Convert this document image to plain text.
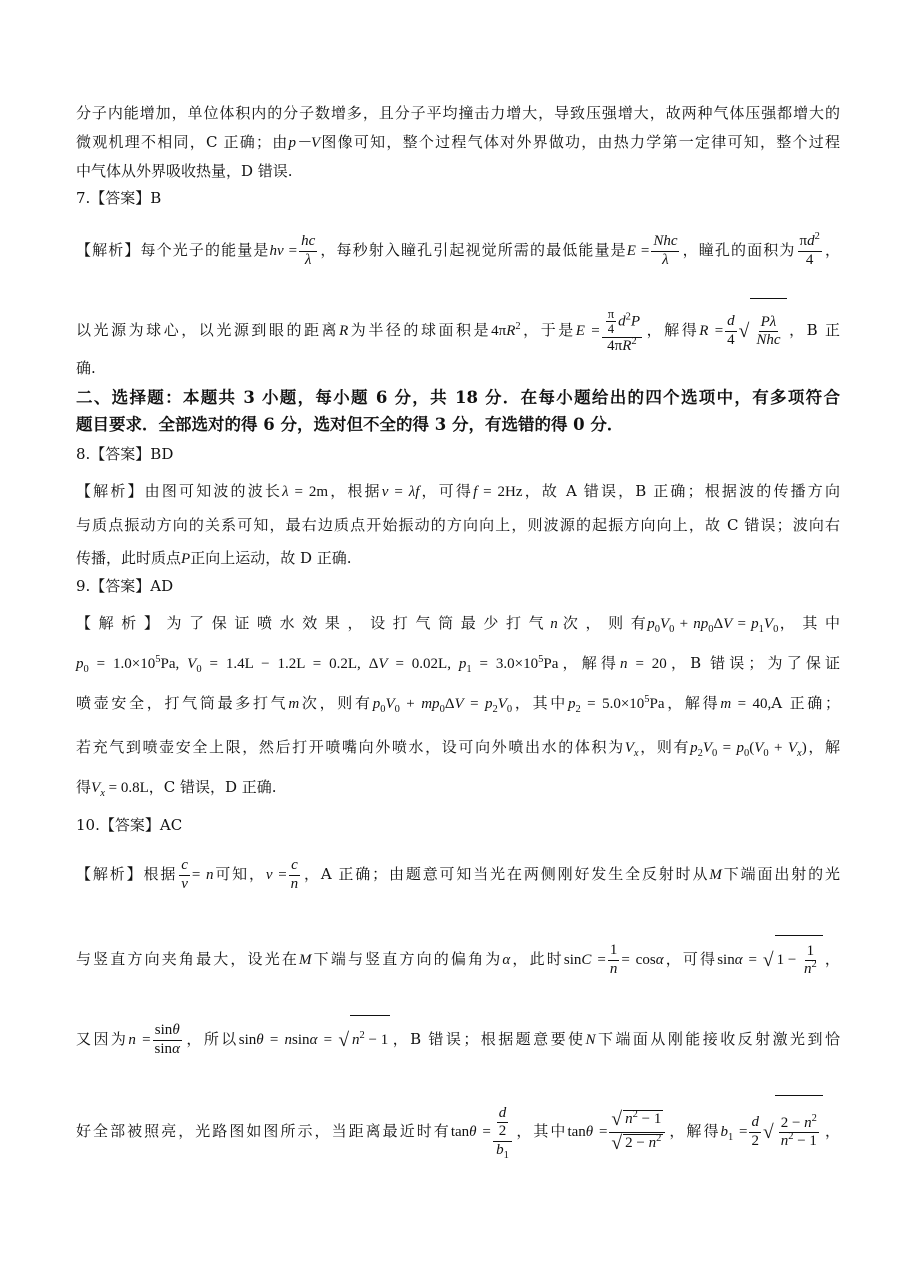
分子内能增加，单位体积内的分子数增多，且分子平均撞击力增大，导致压强增大，故两种气体压强都增大的
微观机理不相同，C 正确；由p－V图像可知，整个过程气体对外界做功，由热力学第一定律可知，整个过程
中气体从外界吸收热量，D 错误.
7.【答案】B
【解析】每个光子的能量是$h\nu = \frac{hc}{\lambda}$ ，每秒射入瞳孔引起视觉所需的最低能量是$E = \frac{\text{Nhc}}{\lambda}$ ，瞳孔的面积为 $\frac{\pi d^2}{4}$ ，
以光源为球心，以光源到眼的距离R为半径的球面积是$4\pi R^2$，于是$E = \frac{\frac{\pi}{4} d^2P}{4\pi R^2}$ ，解得$R = \frac{d}{4}$ √ $\frac{P\lambda}{\text{Nhc}}$ ，B 正
确.
二、选择题：本题共 3 小题，每小题 6 分，共 18 分．在每小题给出的四个选项中，有多项符合
题目要求．全部选对的得 6 分，选对但不全的得 3 分，有选错的得 0 分．
8.【答案】BD
【解析】由图可知波的波长λ = 2m，根据v = λf，可得f = 2Hz，故 A 错误，B 正确；根据波的传播方向
与质点振动方向的关系可知，最右边质点开始振动的方向向上，则波源的起振方向向上，故 C 错误；波向右
传播，此时质点P正向上运动，故 D 正确.
9.【答案】AD
【 解 析 】 为 了 保 证 喷 水 效 果 ， 设 打 气 筒 最 少 打 气 n 次 ， 则 有$p_0V_0 + np_0\Delta V = p_1V_0$， 其 中
$p_0 = 1.0\times 10^5Pa$, $V_0 = 1.4L - 1.2L = 0.2L$, ΔV = 0.02L, $p_1 = 3.0\times 10^5Pa$，解得n = 20，B 错误；为了保证
喷壶安全，打气筒最多打气m次，则有$p_0V_0 + mp_0\Delta V = p_2V_0$，其中$p_2 = 5.0\times 10^5Pa$，解得m = 40,A 正确；
若充气到喷壶安全上限，然后打开喷嘴向外喷水，设可向外喷出水的体积为$V_x$，则有$p_2V_0 = p_0(V_0 + V_x)$，解
得$V_x = 0.8L$，C 错误，D 正确.
10.【答案】AC
【解析】根据 $\frac{c}{v} = n$可知，$v = \frac{c}{n}$ ，A 正确；由题意可知当光在两侧刚好发生全反射时从M下端面出射的光
与竖直方向夹角最大，设光在M下端与竖直方向的偏角为α，此时$\sin C = \frac{1}{n} = \cos\alpha$，可得sinα = √ $1 - \frac{1}{n^2}$ ，
又因为$n = \frac{\sin\theta}{\sin\alpha}$ ，所以sinθ = nsinα = √ $n^2 - 1$ ，B 错误；根据题意要使N下端面从刚能接收反射激光到恰
好全部被照亮，光路图如图所示，当距离最近时有$\tan\theta = \frac{\frac{d}{2}}{b_1}$ ，其中$\tan\theta = \frac{√ n^2 - 1}{√ 2 - n^2}$ ，解得$b_1 = \frac{d}{2}$ √ $\frac{2 - n^2}{n^2 - 1}$ ，
